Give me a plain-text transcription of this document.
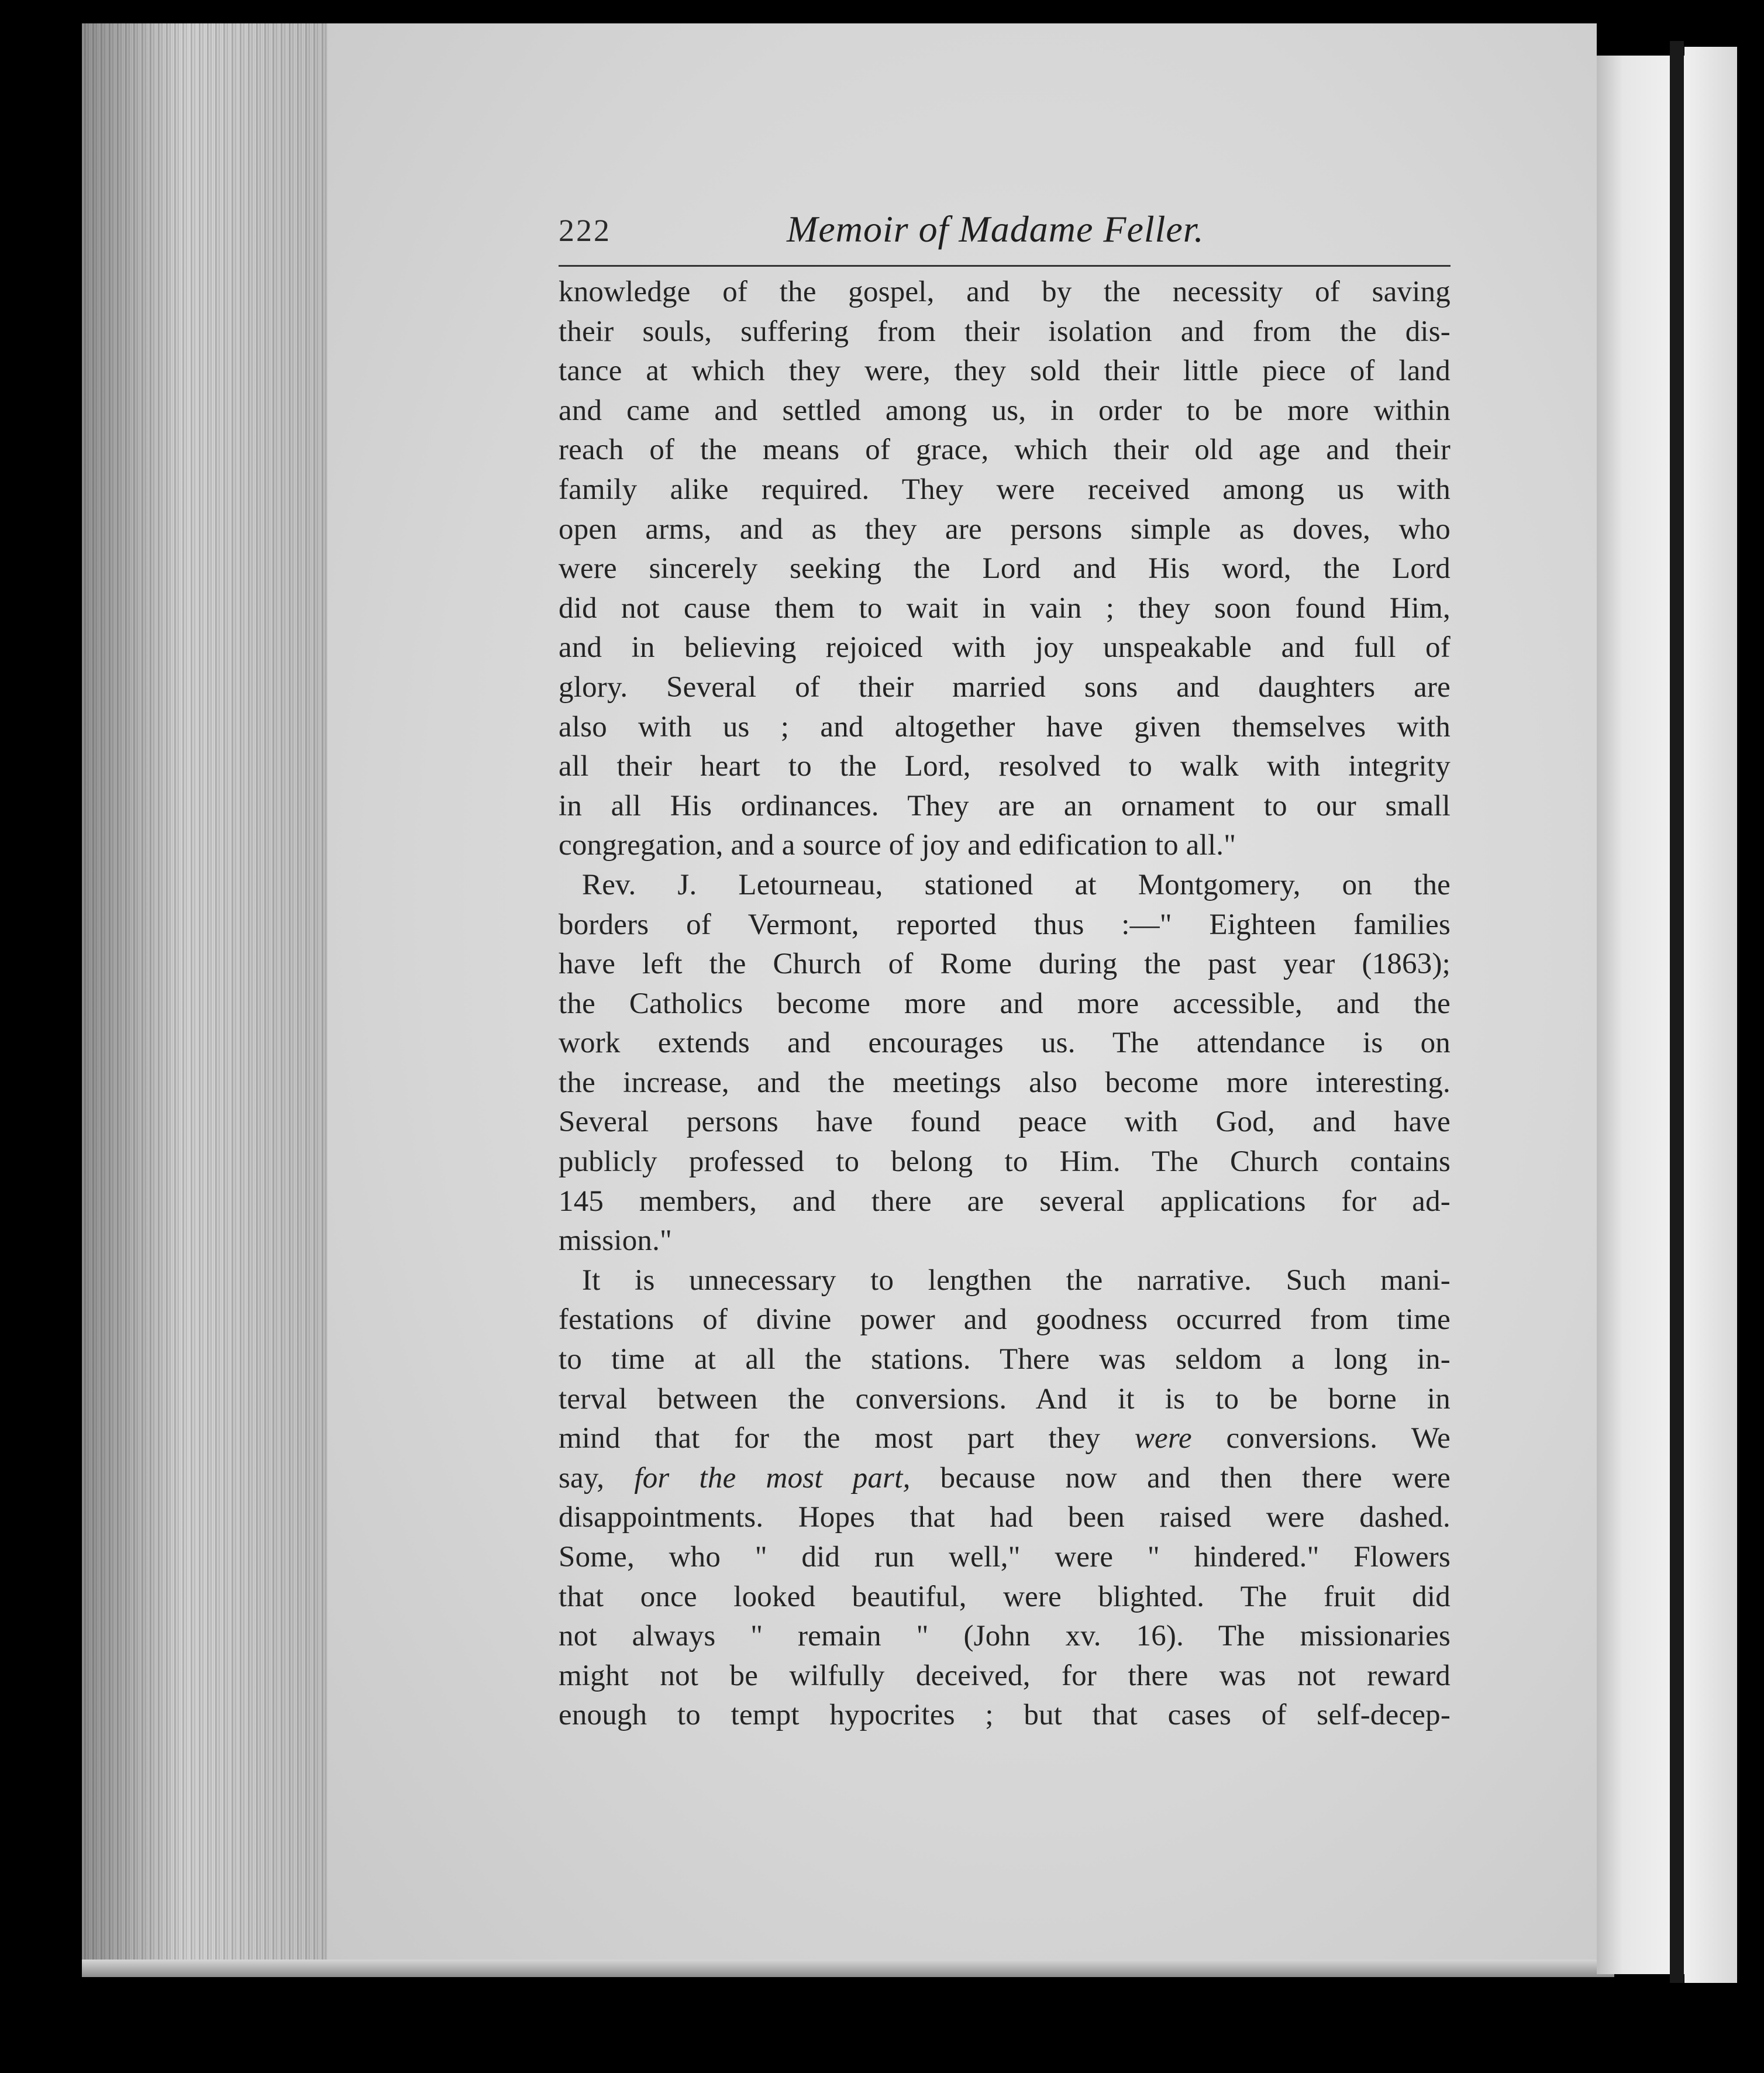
222	Memoir of Madame Feller.
knowledge of the gospel, and by the necessity of saving
their souls, suffering from their isolation and from the dis-
tance at which they were, they sold their little piece of land
and came and settled among us, in order to be more within
reach of the means of grace, which their old age and their
family alike required. They were received among us with
open arms, and as they are persons simple as doves, who
were sincerely seeking the Lord and His word, the Lord
did not cause them to wait in vain ; they soon found Him,
and in believing rejoiced with joy unspeakable and full of
glory. Several of their married sons and daughters are
also with us ; and altogether have given themselves with
all their heart to the Lord, resolved to walk with integrity
in all His ordinances. They are an ornament to our small
congregation, and a source of joy and edification to all."
Rev. J. Letourneau, stationed at Montgomery, on the
borders of Vermont, reported thus :—" Eighteen families
have left the Church of Rome during the past year (1863);
the Catholics become more and more accessible, and the
work extends and encourages us. The attendance is on
the increase, and the meetings also become more interesting.
Several persons have found peace with God, and have
publicly professed to belong to Him. The Church contains
145 members, and there are several applications for ad-
mission."
It is unnecessary to lengthen the narrative. Such mani-
festations of divine power and goodness occurred from time
to time at all the stations. There was seldom a long in-
terval between the conversions. And it is to be borne in
mind that for the most part they were conversions. We
say, for the most part, because now and then there were
disappointments. Hopes that had been raised were dashed.
Some, who " did run well," were " hindered." Flowers
that once looked beautiful, were blighted. The fruit did
not always " remain " (John xv. 16). The missionaries
might not be wilfully deceived, for there was not reward
enough to tempt hypocrites ; but that cases of self-decep-
